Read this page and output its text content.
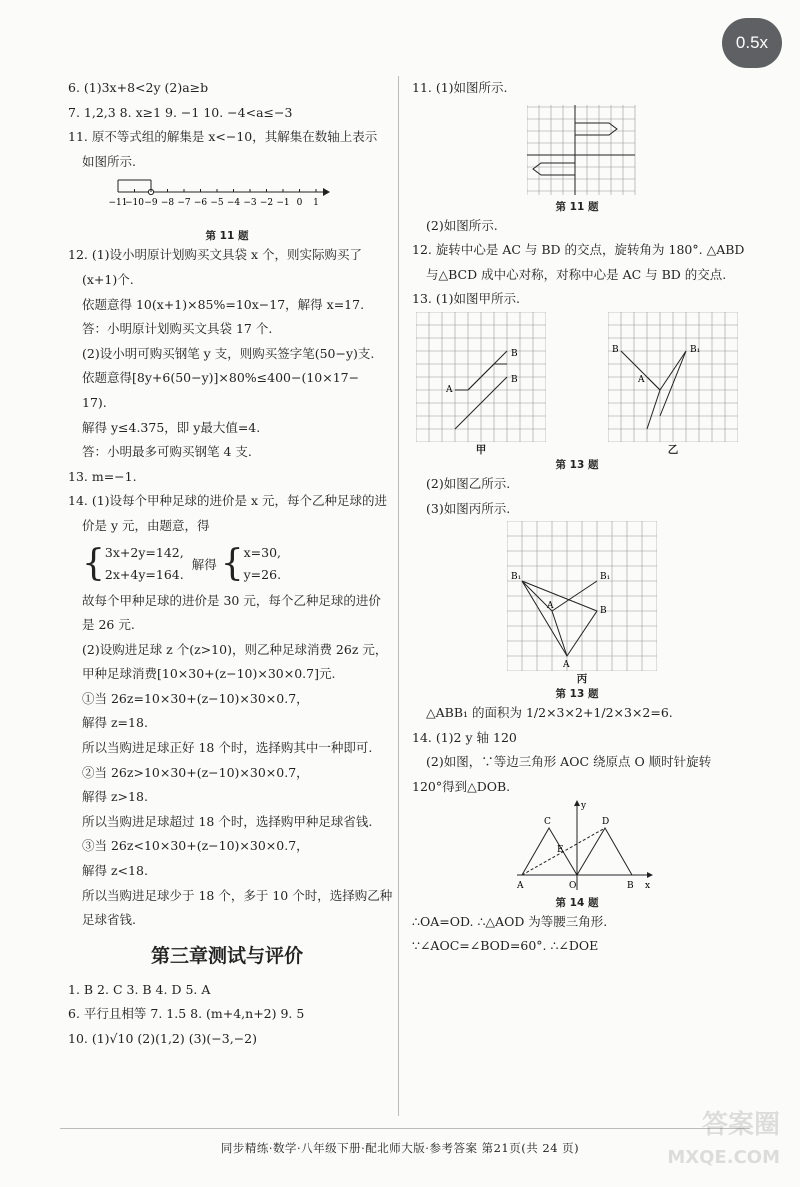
0.5x
6. (1)3x+8<2y (2)a≥b
7. 1,2,3 8. x≥1 9. −1 10. −4<a≤−3
11. 原不等式组的解集是 x<−10，其解集在数轴上表示
如图所示.
−11
−10 −9 −8 −7 −6 −5 −4 −3 −2 −1 0 1
第 11 题
12. (1)设小明原计划购买文具袋 x 个，则实际购买了
(x+1)个.
依题意得 10(x+1)×85%=10x−17，解得 x=17.
答：小明原计划购买文具袋 17 个.
(2)设小明可购买钢笔 y 支，则购买签字笔(50−y)支.
依题意得[8y+6(50−y)]×80%≤400−(10×17−
17).
解得 y≤4.375，即 y最大值=4.
答：小明最多可购买钢笔 4 支.
13. m=−1.
14. (1)设每个甲种足球的进价是 x 元，每个乙种足球的进
价是 y 元，由题意，得
{ 3x+2y=142,
2x+4y=164.
解得 { x=30,
y=26.
故每个甲种足球的进价是 30 元，每个乙种足球的进价
是 26 元.
(2)设购进足球 z 个(z>10)，则乙种足球消费 26z 元，
甲种足球消费[10×30+(z−10)×30×0.7]元.
①当 26z=10×30+(z−10)×30×0.7，
解得 z=18.
所以当购进足球正好 18 个时，选择购其中一种即可.
②当 26z>10×30+(z−10)×30×0.7，
解得 z>18.
所以当购进足球超过 18 个时，选择购甲种足球省钱.
③当 26z<10×30+(z−10)×30×0.7，
解得 z<18.
所以当购进足球少于 18 个，多于 10 个时，选择购乙种
足球省钱.
第三章测试与评价
1. B 2. C 3. B 4. D 5. A
6. 平行且相等 7. 1.5 8. (m+4,n+2) 9. 5
10. (1)√10 (2)(1,2) (3)(−3,−2)
11. (1)如图所示.
第 11 题
(2)如图所示.
12. 旋转中心是 AC 与 BD 的交点，旋转角为 180°. △ABD
与△BCD 成中心对称，对称中心是 AC 与 BD 的交点.
13. (1)如图甲所示.
B
B
A
甲
B	B₁
A
乙
第 13 题
(2)如图乙所示.
(3)如图丙所示.
B₁	B₁
B
A
A
丙
第 13 题
△ABB₁ 的面积为 1/2×3×2+1/2×3×2=6.
14. (1)2 y 轴 120
(2)如图，∵等边三角形 AOC 绕原点 O 顺时针旋转
120°得到△DOB.
A
C	D
E
O	B
y
x
第 14 题
∴OA=OD. ∴△AOD 为等腰三角形.
∵∠AOC=∠BOD=60°. ∴∠DOE
同步精练·数学·八年级下册·配北师大版·参考答案 第21页(共 24 页)
答案圈
MXQE.COM
